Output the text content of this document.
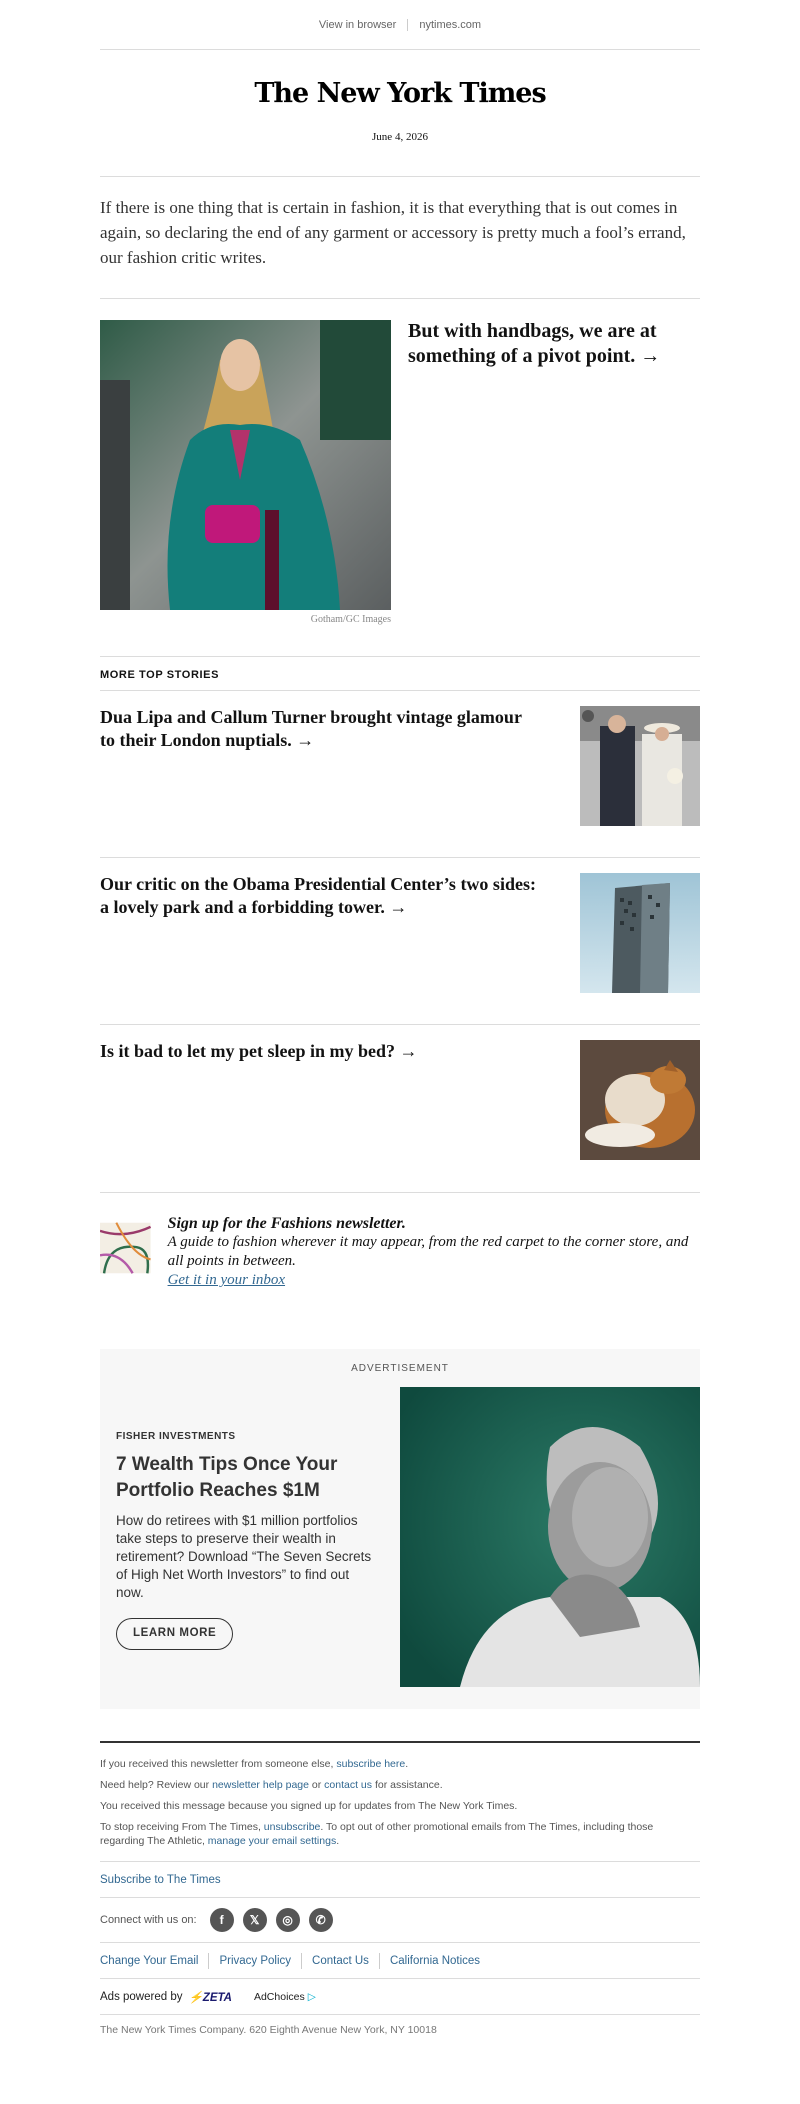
View in browser nytimes.com
The New York Times
June 4, 2026
If there is one thing that is certain in fashion, it is that everything that is out comes in again, so declaring the end of any garment or accessory is pretty much a fool’s errand, our fashion critic writes.
Gotham/GC Images
But with handbags, we are at something of a pivot point. →
MORE TOP STORIES
Dua Lipa and Callum Turner brought vintage glamour to their London nuptials. →
Our critic on the Obama Presidential Center’s two sides: a lovely park and a forbidding tower. →
Is it bad to let my pet sleep in my bed? →
Sign up for the Fashions newsletter.
A guide to fashion wherever it may appear, from the red carpet to the corner store, and all points in between.
Get it in your inbox
ADVERTISEMENT
FISHER INVESTMENTS
7 Wealth Tips Once Your Portfolio Reaches $1M
How do retirees with $1 million portfolios take steps to preserve their wealth in retirement? Download “The Seven Secrets of High Net Worth Investors” to find out now.
LEARN MORE

If you received this newsletter from someone else, subscribe here.

Need help? Review our newsletter help page or contact us for assistance.

You received this message because you signed up for updates from The New York Times.

To stop receiving From The Times, unsubscribe. To opt out of other promotional emails from The Times, including those regarding The Athletic, manage your email settings.

Subscribe to The Times
Connect with us on:	f	𝕏	◎	✆
Change Your Email	Privacy Policy	Contact Us	California Notices
Ads powered by ⚡ZETA AdChoices ▷
The New York Times Company. 620 Eighth Avenue New York, NY 10018
